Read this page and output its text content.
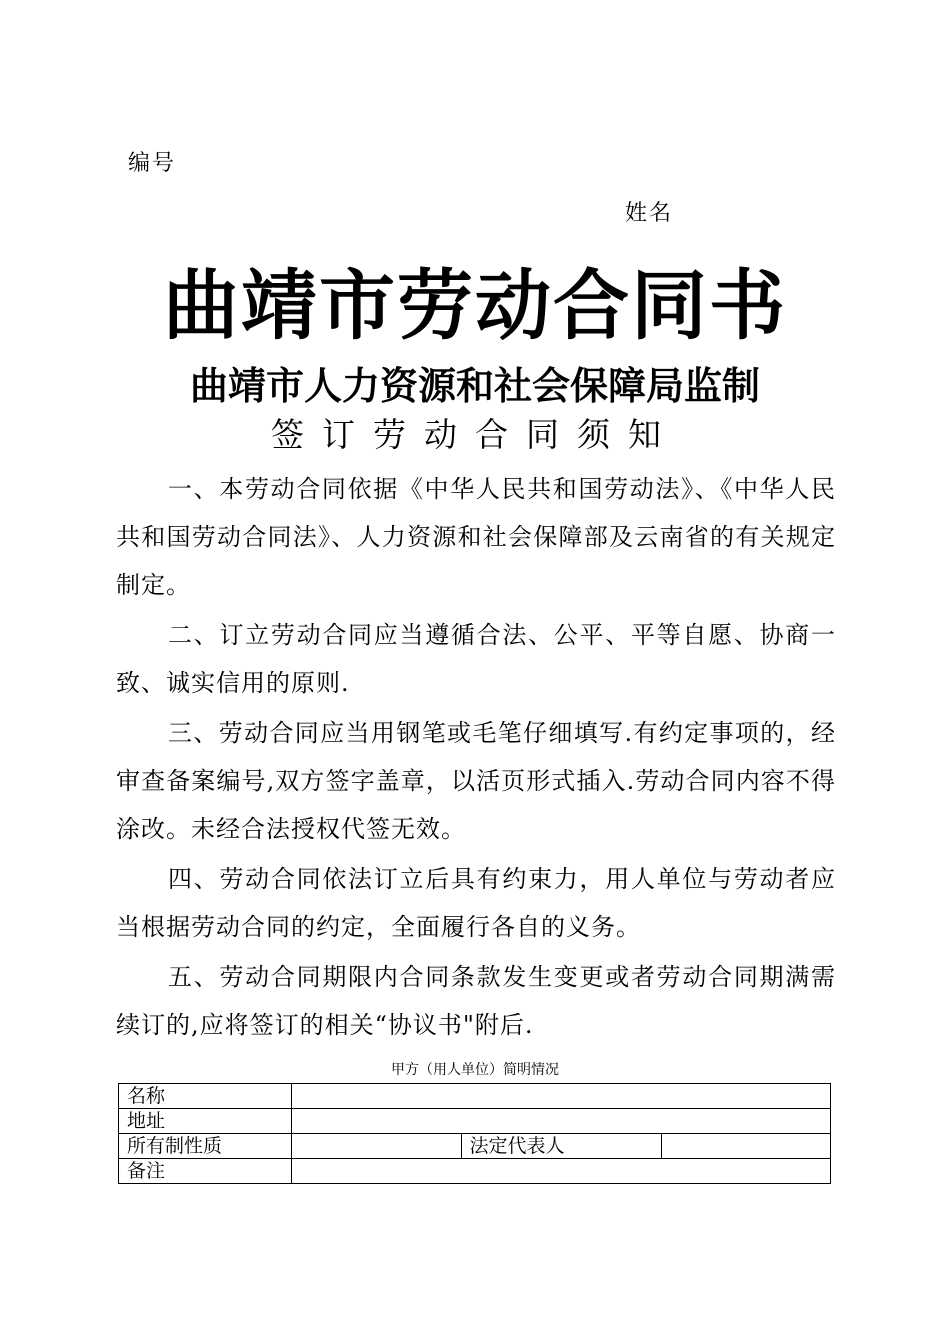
编号
姓名
曲靖市劳动合同书
曲靖市人力资源和社会保障局监制
签订劳动合同须知

一、本劳动合同依据《中华人民共和国劳动法》、《中华人民共和国劳动合同法》、人力资源和社会保障部及云南省的有关规定制定。

二、订立劳动合同应当遵循合法、公平、平等自愿、协商一致、诚实信用的原则.

三、劳动合同应当用钢笔或毛笔仔细填写.有约定事项的，经审查备案编号,双方签字盖章，以活页形式插入.劳动合同内容不得涂改。未经合法授权代签无效。

四、劳动合同依法订立后具有约束力，用人单位与劳动者应当根据劳动合同的约定，全面履行各自的义务。

五、劳动合同期限内合同条款发生变更或者劳动合同期满需续订的,应将签订的相关“协议书"附后.

甲方（用人单位）简明情况
名称			
地址			
所有制性质		法定代表人	
备注			
